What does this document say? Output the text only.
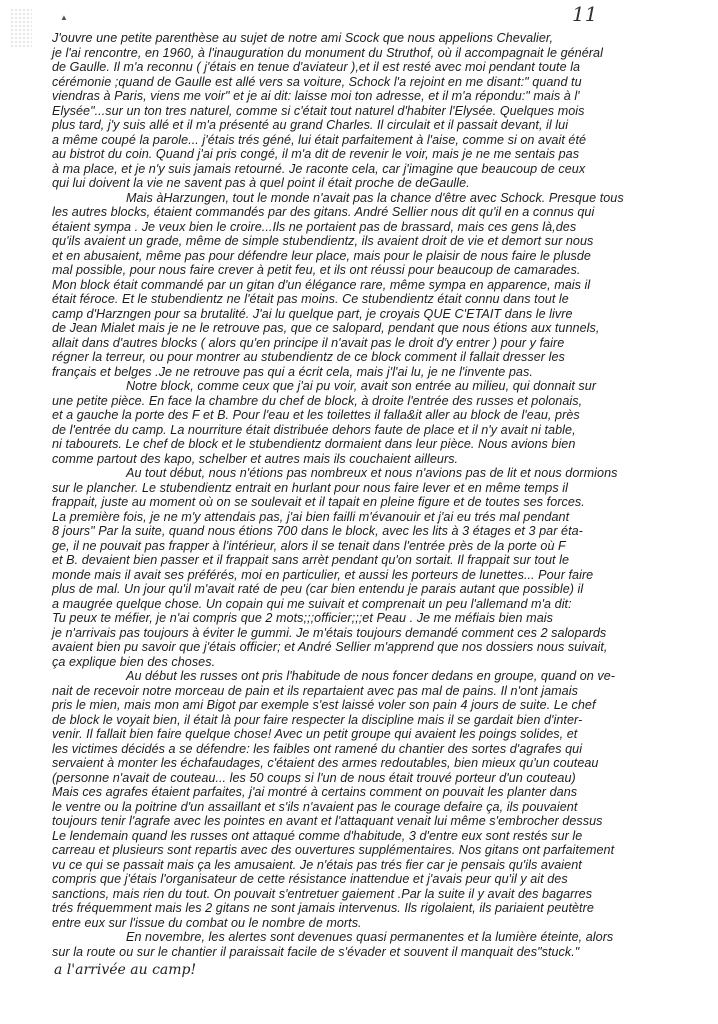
▲	11
J'ouvre une petite parenthèse au sujet de notre ami Scock que nous appelions Chevalier,
je l'ai rencontre, en 1960, à l'inauguration du monument du Struthof, où il accompagnait le général
de Gaulle. Il m'a reconnu ( j'étais en tenue d'aviateur ),et il est resté avec moi pendant toute la
cérémonie ;quand de Gaulle est allé vers sa voiture, Schock l'a rejoint en me disant:" quand tu
viendras à Paris, viens me voir" et je ai dit: laisse moi ton adresse, et il m'a répondu:" mais à l'
Elysée"...sur un ton tres naturel, comme si c'était tout naturel d'habiter l'Elysée. Quelques mois
plus tard, j'y suis allé et il m'a présenté au grand Charles. Il circulait et il passait devant, il lui
a même coupé la parole... j'étais trés géné, lui était parfaitement à l'aise, comme si on avait été
au bistrot du coin. Quand j'ai pris congé, il m'a dit de revenir le voir, mais je ne me sentais pas
à ma place, et je n'y suis jamais retourné. Je raconte cela, car j'imagine que beaucoup de ceux
qui lui doivent la vie ne savent pas à quel point il était proche de deGaulle.
Mais àHarzungen, tout le monde n'avait pas la chance d'être avec Schock. Presque tous
les autres blocks, étaient commandés par des gitans. André Sellier nous dit qu'il en a connus qui
étaient sympa . Je veux bien le croire...Ils ne portaient pas de brassard, mais ces gens là,des
qu'ils avaient un grade, même de simple stubendientz, ils avaient droit de vie et demort sur nous
et en abusaient, même pas pour défendre leur place, mais pour le plaisir de nous faire le plusde
mal possible, pour nous faire crever à petit feu, et ils ont réussi pour beaucoup de camarades.
Mon block était commandé par un gitan d'un élégance rare, même sympa en apparence, mais il
était féroce. Et le stubendientz ne l'était pas moins. Ce stubendientz était connu dans tout le
camp d'Harzngen pour sa brutalité. J'ai lu quelque part, je croyais QUE C'ETAIT dans le livre
de Jean Mialet mais je ne le retrouve pas, que ce salopard, pendant que nous étions aux tunnels,
allait dans d'autres blocks ( alors qu'en principe il n'avait pas le droit d'y entrer ) pour y faire
régner la terreur, ou pour montrer au stubendientz de ce block comment il fallait dresser les
français et belges .Je ne retrouve pas qui a écrit cela, mais j'l'ai lu, je ne l'invente pas.
Notre block, comme ceux que j'ai pu voir, avait son entrée au milieu, qui donnait sur
une petite pièce. En face la chambre du chef de block, à droite l'entrée des russes et polonais,
et a gauche la porte des F et B. Pour l'eau et les toilettes il falla&it aller au block de l'eau, près
de l'entrée du camp. La nourriture était distribuée dehors faute de place et il n'y avait ni table,
ni tabourets. Le chef de block et le stubendientz dormaient dans leur pièce. Nous avions bien
comme partout des kapo, schelber et autres mais ils couchaient ailleurs.
Au tout début, nous n'étions pas nombreux et nous n'avions pas de lit et nous dormions
sur le plancher. Le stubendientz entrait en hurlant pour nous faire lever et en même temps il
frappait, juste au moment où on se soulevait et il tapait en pleine figure et de toutes ses forces.
La première fois, je ne m'y attendais pas, j'ai bien failli m'évanouir et j'ai eu trés mal pendant
8 jours" Par la suite, quand nous étions 700 dans le block, avec les lits à 3 étages et 3 par éta-
ge, il ne pouvait pas frapper à l'intérieur, alors il se tenait dans l'entrée près de la porte où F
et B. devaient bien passer et il frappait sans arrèt pendant qu'on sortait. Il frappait sur tout le
monde mais il avait ses préférés, moi en particulier, et aussi les porteurs de lunettes... Pour faire
plus de mal. Un jour qu'il m'avait raté de peu (car bien entendu je parais autant que possible) il
a maugrée quelque chose. Un copain qui me suivait et comprenait un peu l'allemand m'a dit:
Tu peux te méfier, je n'ai compris que 2 mots;;;officier;;;et Peau . Je me méfiais bien mais
je n'arrivais pas toujours à éviter le gummi. Je m'étais toujours demandé comment ces 2 salopards
avaient bien pu savoir que j'étais officier; et André Sellier m'apprend que nos dossiers nous suivait,
ça explique bien des choses.
Au début les russes ont pris l'habitude de nous foncer dedans en groupe, quand on ve-
nait de recevoir notre morceau de pain et ils repartaient avec pas mal de pains. Il n'ont jamais
pris le mien, mais mon ami Bigot par exemple s'est laissé voler son pain 4 jours de suite. Le chef
de block le voyait bien, il était là pour faire respecter la discipline mais il se gardait bien d'inter-
venir. Il fallait bien faire quelque chose! Avec un petit groupe qui avaient les poings solides, et
les victimes décidés a se défendre: les faibles ont ramené du chantier des sortes d'agrafes qui
servaient à monter les échafaudages, c'étaient des armes redoutables, bien mieux qu'un couteau
(personne n'avait de couteau... les 50 coups si l'un de nous était trouvé porteur d'un couteau)
Mais ces agrafes étaient parfaites, j'ai montré à certains comment on pouvait les planter dans
le ventre ou la poitrine d'un assaillant et s'ils n'avaient pas le courage defaire ça, ils pouvaient
toujours tenir l'agrafe avec les pointes en avant et l'attaquant venait lui même s'embrocher dessus
Le lendemain quand les russes ont attaqué comme d'habitude, 3 d'entre eux sont restés sur le
carreau et plusieurs sont repartis avec des ouvertures supplémentaires. Nos gitans ont parfaitement
vu ce qui se passait mais ça les amusaient. Je n'étais pas trés fier car je pensais qu'ils avaient
compris que j'étais l'organisateur de cette résistance inattendue et j'avais peur qu'il y ait des
sanctions, mais rien du tout. On pouvait s'entretuer gaiement .Par la suite il y avait des bagarres
trés fréquemment mais les 2 gitans ne sont jamais intervenus. Ils rigolaient, ils pariaient peutètre
entre eux sur l'issue du combat ou le nombre de morts.
En novembre, les alertes sont devenues quasi permanentes et la lumière éteinte, alors
sur la route ou sur le chantier il paraissait facile de s'évader et souvent il manquait des"stuck."
a l'arrivée au camp!
